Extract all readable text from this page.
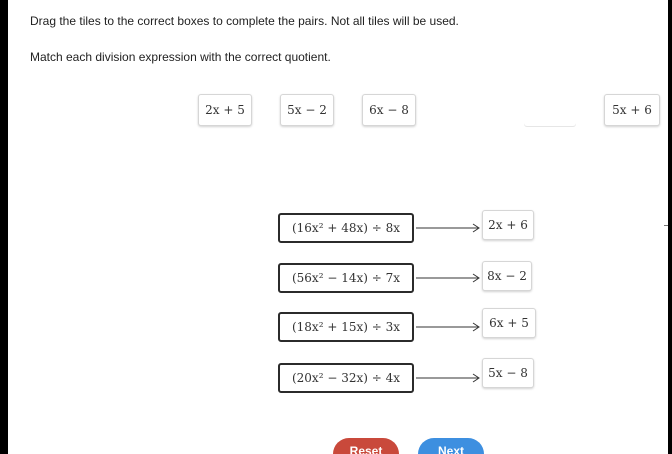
Drag the tiles to the correct boxes to complete the pairs. Not all tiles will be used.
Match each division expression with the correct quotient.
2x + 5	5x − 2	6x − 8	5x + 6
(16x² + 48x) ÷ 8x	2x + 6
(56x² − 14x) ÷ 7x	8x − 2
(18x² + 15x) ÷ 3x	6x + 5
(20x² − 32x) ÷ 4x	5x − 8
Reset	Next
